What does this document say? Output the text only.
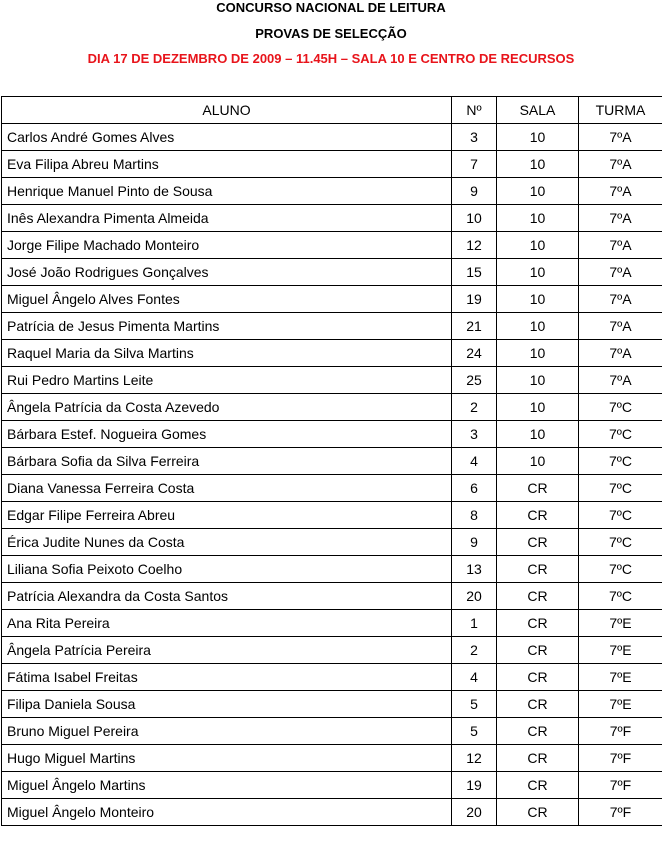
CONCURSO NACIONAL DE LEITURA
PROVAS DE SELECÇÃO
DIA 17 DE DEZEMBRO DE 2009 – 11.45H – SALA 10 E CENTRO DE RECURSOS
ALUNO	Nº	SALA	TURMA
Carlos André Gomes Alves	3	10	7ºA
Eva Filipa Abreu Martins	7	10	7ºA
Henrique Manuel Pinto de Sousa	9	10	7ºA
Inês Alexandra Pimenta Almeida	10	10	7ºA
Jorge Filipe Machado Monteiro	12	10	7ºA
José João Rodrigues Gonçalves	15	10	7ºA
Miguel Ângelo Alves Fontes	19	10	7ºA
Patrícia de Jesus Pimenta Martins	21	10	7ºA
Raquel Maria da Silva Martins	24	10	7ºA
Rui Pedro Martins Leite	25	10	7ºA
Ângela Patrícia da Costa Azevedo	2	10	7ºC
Bárbara Estef. Nogueira Gomes	3	10	7ºC
Bárbara Sofia da Silva Ferreira	4	10	7ºC
Diana Vanessa Ferreira Costa	6	CR	7ºC
Edgar Filipe Ferreira Abreu	8	CR	7ºC
Érica Judite Nunes da Costa	9	CR	7ºC
Liliana Sofia Peixoto Coelho	13	CR	7ºC
Patrícia Alexandra da Costa Santos	20	CR	7ºC
Ana Rita Pereira	1	CR	7ºE
Ângela Patrícia Pereira	2	CR	7ºE
Fátima Isabel Freitas	4	CR	7ºE
Filipa Daniela Sousa	5	CR	7ºE
Bruno Miguel Pereira	5	CR	7ºF
Hugo Miguel Martins	12	CR	7ºF
Miguel Ângelo Martins	19	CR	7ºF
Miguel Ângelo Monteiro	20	CR	7ºF
